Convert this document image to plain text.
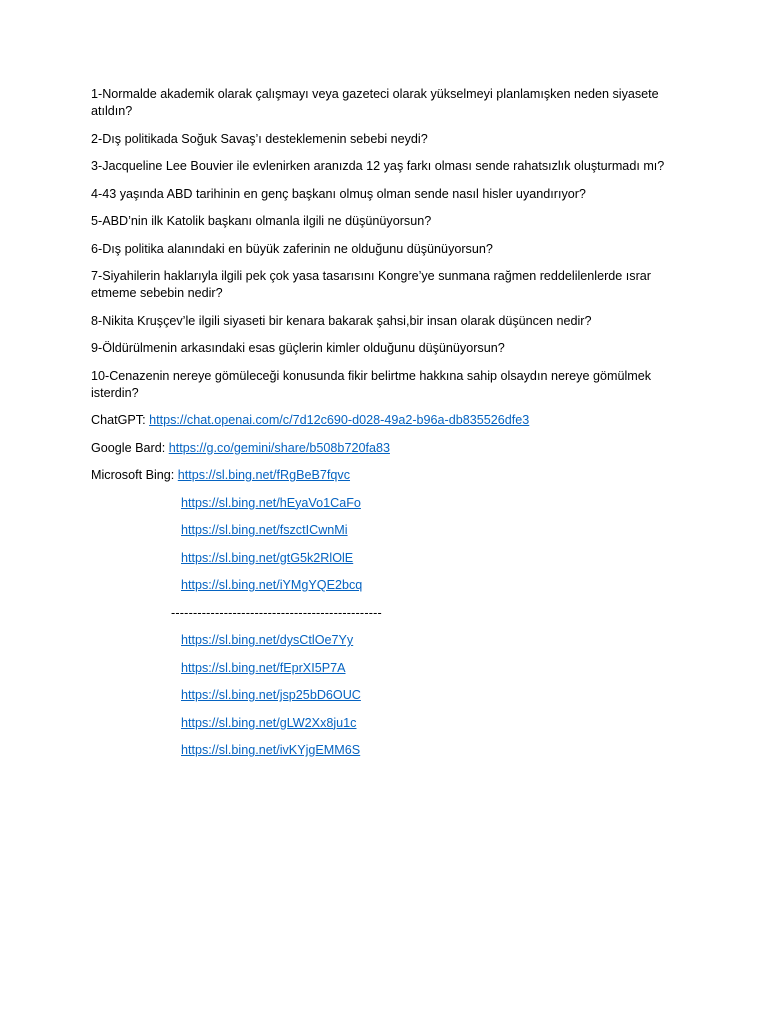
1-Normalde akademik olarak çalışmayı veya gazeteci olarak yükselmeyi planlamışken neden siyasete atıldın?

2-Dış politikada Soğuk Savaş’ı desteklemenin sebebi neydi?

3-Jacqueline Lee Bouvier ile evlenirken aranızda 12 yaş farkı olması sende rahatsızlık oluşturmadı mı?

4-43 yaşında ABD tarihinin en genç başkanı olmuş olman sende nasıl hisler uyandırıyor?

5-ABD’nin ilk Katolik başkanı olmanla ilgili ne düşünüyorsun?

6-Dış politika alanındaki en büyük zaferinin ne olduğunu düşünüyorsun?

7-Siyahilerin haklarıyla ilgili pek çok yasa tasarısını Kongre’ye sunmana rağmen reddelilenlerde ısrar etmeme sebebin nedir?

8-Nikita Kruşçev’le ilgili siyaseti bir kenara bakarak şahsi,bir insan olarak düşüncen nedir?

9-Öldürülmenin arkasındaki esas güçlerin kimler olduğunu düşünüyorsun?

10-Cenazenin nereye gömüleceği konusunda fikir belirtme hakkına sahip olsaydın nereye gömülmek isterdin?

ChatGPT: https://chat.openai.com/c/7d12c690-d028-49a2-b96a-db835526dfe3

Google Bard: https://g.co/gemini/share/b508b720fa83

Microsoft Bing: https://sl.bing.net/fRgBeB7fqvc

https://sl.bing.net/hEyaVo1CaFo

https://sl.bing.net/fszctICwnMi

https://sl.bing.net/gtG5k2RlOlE

https://sl.bing.net/iYMgYQE2bcq

------------------------------------------------

https://sl.bing.net/dysCtlOe7Yy

https://sl.bing.net/fEprXI5P7A

https://sl.bing.net/jsp25bD6OUC

https://sl.bing.net/gLW2Xx8ju1c

https://sl.bing.net/ivKYjgEMM6S
